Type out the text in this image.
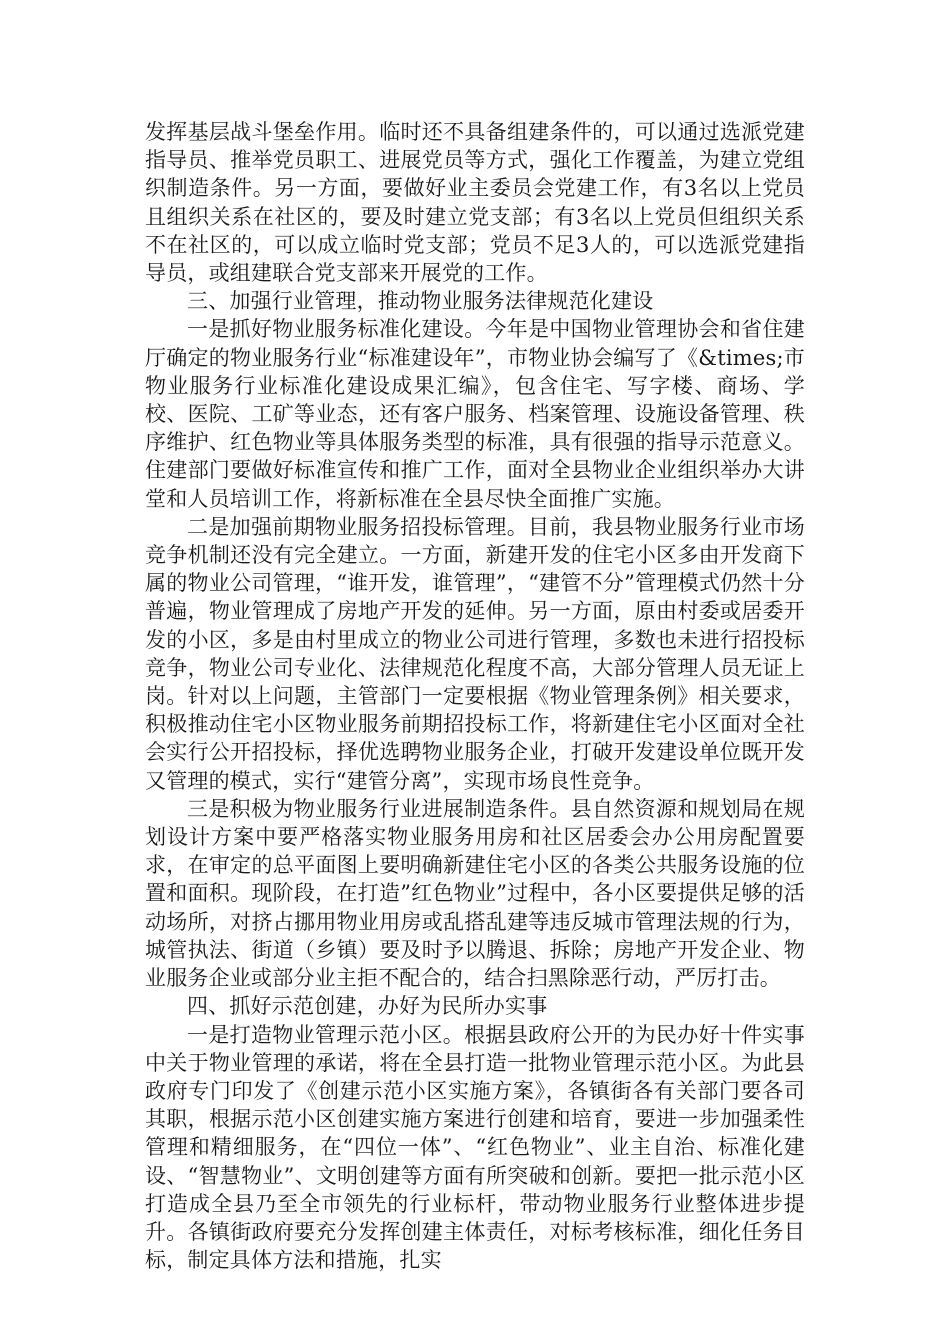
发挥基层战斗堡垒作用。临时还不具备组建条件的，可以通过选派党建指导员、推举党员职工、进展党员等方式，强化工作覆盖，为建立党组织制造条件。另一方面，要做好业主委员会党建工作，有3名以上党员且组织关系在社区的，要及时建立党支部；有3名以上党员但组织关系不在社区的，可以成立临时党支部；党员不足3人的，可以选派党建指导员，或组建联合党支部来开展党的工作。

三、加强行业管理，推动物业服务法律规范化建设

一是抓好物业服务标准化建设。今年是中国物业管理协会和省住建厅确定的物业服务行业“标准建设年”，市物业协会编写了《&times;市物业服务行业标准化建设成果汇编》，包含住宅、写字楼、商场、学校、医院、工矿等业态，还有客户服务、档案管理、设施设备管理、秩序维护、红色物业等具体服务类型的标准，具有很强的指导示范意义。住建部门要做好标准宣传和推广工作，面对全县物业企业组织举办大讲堂和人员培训工作，将新标准在全县尽快全面推广实施。

二是加强前期物业服务招投标管理。目前，我县物业服务行业市场竞争机制还没有完全建立。一方面，新建开发的住宅小区多由开发商下属的物业公司管理，“谁开发，谁管理”，“建管不分”管理模式仍然十分普遍，物业管理成了房地产开发的延伸。另一方面，原由村委或居委开发的小区，多是由村里成立的物业公司进行管理，多数也未进行招投标竞争，物业公司专业化、法律规范化程度不高，大部分管理人员无证上岗。针对以上问题，主管部门一定要根据《物业管理条例》相关要求，积极推动住宅小区物业服务前期招投标工作，将新建住宅小区面对全社会实行公开招投标，择优选聘物业服务企业，打破开发建设单位既开发又管理的模式，实行“建管分离”，实现市场良性竞争。

三是积极为物业服务行业进展制造条件。县自然资源和规划局在规划设计方案中要严格落实物业服务用房和社区居委会办公用房配置要求，在审定的总平面图上要明确新建住宅小区的各类公共服务设施的位置和面积。现阶段，在打造”红色物业”过程中，各小区要提供足够的活动场所，对挤占挪用物业用房或乱搭乱建等违反城市管理法规的行为，城管执法、街道（乡镇）要及时予以腾退、拆除；房地产开发企业、物业服务企业或部分业主拒不配合的，结合扫黑除恶行动，严厉打击。

四、抓好示范创建，办好为民所办实事

一是打造物业管理示范小区。根据县政府公开的为民办好十件实事中关于物业管理的承诺，将在全县打造一批物业管理示范小区。为此县政府专门印发了《创建示范小区实施方案》，各镇街各有关部门要各司其职，根据示范小区创建实施方案进行创建和培育，要进一步加强柔性管理和精细服务，在“四位一体”、“红色物业”、业主自治、标准化建设、“智慧物业”、文明创建等方面有所突破和创新。要把一批示范小区打造成全县乃至全市领先的行业标杆，带动物业服务行业整体进步提升。各镇街政府要充分发挥创建主体责任，对标考核标准，细化任务目标，制定具体方法和措施，扎实
